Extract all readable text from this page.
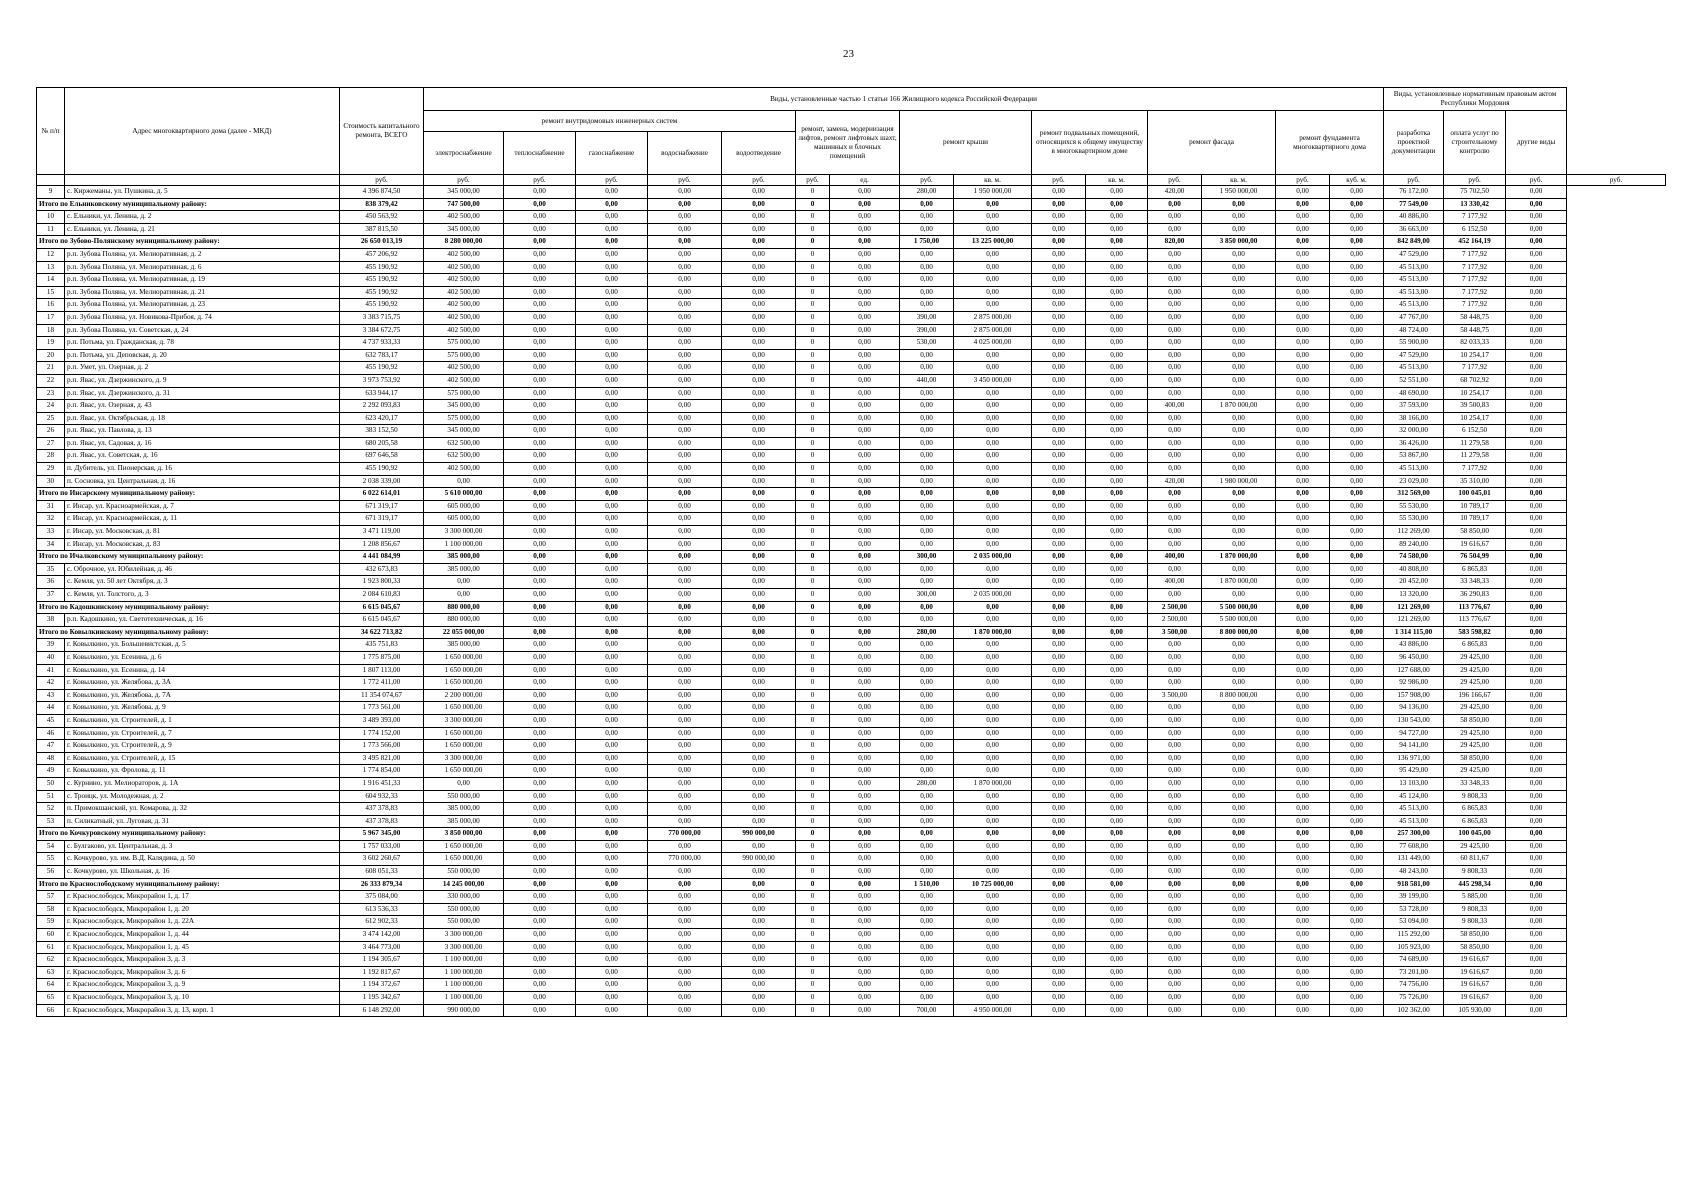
23
№ п/п	Адрес многоквартирного дома (далее - МКД)	Стоимость капитального ремонта, ВСЕГО	Виды, установленные частью 1 статьи 166 Жилищного кодекса Российской Федерации															Виды, установленные нормативным правовым актом Республики Мордовия			
			ремонт внутридомовых инженерных систем					ремонт, замена, модернизация лифтов, ремонт лифтовых шахт, машинных и блочных помещений		ремонт крыши		ремонт подвальных помещений, относящихся к общему имуществу в многоквартирном доме		ремонт фасада		ремонт фундамента многоквартирного дома		разработка проектной документации	оплата услуг по строительному контролю	другие виды	
			электроснабжение	теплоснабжение	газоснабжение	водоснабжение	водоотведение														
		руб.	руб.	руб.	руб.	руб.	руб.	руб.	ед.	руб.	кв. м.	руб.	кв. м.	руб.	кв. м.	руб.	куб. м.	руб.	руб.	руб.	руб.
9	с. Киржеманы, ул. Пушкина, д. 5	4 396 874,50	345 000,00	0,00	0,00	0,00	0,00	0	0,00	280,00	1 950 000,00	0,00	0,00	420,00	1 950 000,00	0,00	0,00	76 172,00	75 702,50	0,00	
Итого по Ельниковскому муниципальному району:		838 379,42	747 500,00	0,00	0,00	0,00	0,00	0	0,00	0,00	0,00	0,00	0,00	0,00	0,00	0,00	0,00	77 549,00	13 330,42	0,00	
10	с. Ельники, ул. Ленина, д. 2	450 563,92	402 500,00	0,00	0,00	0,00	0,00	0	0,00	0,00	0,00	0,00	0,00	0,00	0,00	0,00	0,00	40 886,00	7 177,92	0,00	
11	с. Ельники, ул. Ленина, д. 21	387 815,50	345 000,00	0,00	0,00	0,00	0,00	0	0,00	0,00	0,00	0,00	0,00	0,00	0,00	0,00	0,00	36 663,00	6 152,50	0,00	
Итого по Зубово-Полянскому муниципальному району:		26 650 013,19	8 280 000,00	0,00	0,00	0,00	0,00	0	0,00	1 750,00	13 225 000,00	0,00	0,00	820,00	3 850 000,00	0,00	0,00	842 849,00	452 164,19	0,00	
12	р.п. Зубова Поляна, ул. Мелиоративная, д. 2	457 206,92	402 500,00	0,00	0,00	0,00	0,00	0	0,00	0,00	0,00	0,00	0,00	0,00	0,00	0,00	0,00	47 529,00	7 177,92	0,00	
13	р.п. Зубова Поляна, ул. Мелиоративная, д. 6	455 190,92	402 500,00	0,00	0,00	0,00	0,00	0	0,00	0,00	0,00	0,00	0,00	0,00	0,00	0,00	0,00	45 513,00	7 177,92	0,00	
14	р.п. Зубова Поляна, ул. Мелиоративная, д. 19	455 190,92	402 500,00	0,00	0,00	0,00	0,00	0	0,00	0,00	0,00	0,00	0,00	0,00	0,00	0,00	0,00	45 513,00	7 177,92	0,00	
15	р.п. Зубова Поляна, ул. Мелиоративная, д. 21	455 190,92	402 500,00	0,00	0,00	0,00	0,00	0	0,00	0,00	0,00	0,00	0,00	0,00	0,00	0,00	0,00	45 513,00	7 177,92	0,00	
16	р.п. Зубова Поляна, ул. Мелиоративная, д. 23	455 190,92	402 500,00	0,00	0,00	0,00	0,00	0	0,00	0,00	0,00	0,00	0,00	0,00	0,00	0,00	0,00	45 513,00	7 177,92	0,00	
17	р.п. Зубова Поляна, ул. Новикова-Прибоя, д. 74	3 383 715,75	402 500,00	0,00	0,00	0,00	0,00	0	0,00	390,00	2 875 000,00	0,00	0,00	0,00	0,00	0,00	0,00	47 767,00	58 448,75	0,00	
18	р.п. Зубова Поляна, ул. Советская, д. 24	3 384 672,75	402 500,00	0,00	0,00	0,00	0,00	0	0,00	390,00	2 875 000,00	0,00	0,00	0,00	0,00	0,00	0,00	48 724,00	58 448,75	0,00	
19	р.п. Потьма, ул. Гражданская, д. 78	4 737 933,33	575 000,00	0,00	0,00	0,00	0,00	0	0,00	530,00	4 025 000,00	0,00	0,00	0,00	0,00	0,00	0,00	55 900,00	82 033,33	0,00	
20	р.п. Потьма, ул. Деповская, д. 20	632 783,17	575 000,00	0,00	0,00	0,00	0,00	0	0,00	0,00	0,00	0,00	0,00	0,00	0,00	0,00	0,00	47 529,00	10 254,17	0,00	
21	р.п. Умет, ул. Озерная, д. 2	455 190,92	402 500,00	0,00	0,00	0,00	0,00	0	0,00	0,00	0,00	0,00	0,00	0,00	0,00	0,00	0,00	45 513,00	7 177,92	0,00	
22	р.п. Явас, ул. Дзержинского, д. 9	3 973 753,92	402 500,00	0,00	0,00	0,00	0,00	0	0,00	440,00	3 450 000,00	0,00	0,00	0,00	0,00	0,00	0,00	52 551,00	68 702,92	0,00	
23	р.п. Явас, ул. Дзержинского, д. 31	633 944,17	575 000,00	0,00	0,00	0,00	0,00	0	0,00	0,00	0,00	0,00	0,00	0,00	0,00	0,00	0,00	48 690,00	10 254,17	0,00	
24	р.п. Явас, ул. Озерная, д. 43	2 292 093,83	345 000,00	0,00	0,00	0,00	0,00	0	0,00	0,00	0,00	0,00	0,00	400,00	1 870 000,00	0,00	0,00	37 593,00	39 500,83	0,00	
25	р.п. Явас, ул. Октябрьская, д. 18	623 420,17	575 000,00	0,00	0,00	0,00	0,00	0	0,00	0,00	0,00	0,00	0,00	0,00	0,00	0,00	0,00	38 166,00	10 254,17	0,00	
26	р.п. Явас, ул. Павлова, д. 13	383 152,50	345 000,00	0,00	0,00	0,00	0,00	0	0,00	0,00	0,00	0,00	0,00	0,00	0,00	0,00	0,00	32 000,00	6 152,50	0,00	
27	р.п. Явас, ул. Садовая, д. 16	680 205,58	632 500,00	0,00	0,00	0,00	0,00	0	0,00	0,00	0,00	0,00	0,00	0,00	0,00	0,00	0,00	36 426,00	11 279,58	0,00	
28	р.п. Явас, ул. Советская, д. 16	697 646,58	632 500,00	0,00	0,00	0,00	0,00	0	0,00	0,00	0,00	0,00	0,00	0,00	0,00	0,00	0,00	53 867,00	11 279,58	0,00	
29	п. Дубитель, ул. Пионерская, д. 16	455 190,92	402 500,00	0,00	0,00	0,00	0,00	0	0,00	0,00	0,00	0,00	0,00	0,00	0,00	0,00	0,00	45 513,00	7 177,92	0,00	
30	п. Сосновка, ул. Центральная, д. 16	2 038 339,00	0,00	0,00	0,00	0,00	0,00	0	0,00	0,00	0,00	0,00	0,00	420,00	1 980 000,00	0,00	0,00	23 029,00	35 310,00	0,00	
Итого по Инсарскому муниципальному району:		6 022 614,01	5 610 000,00	0,00	0,00	0,00	0,00	0	0,00	0,00	0,00	0,00	0,00	0,00	0,00	0,00	0,00	312 569,00	100 045,01	0,00	
31	г. Инсар, ул. Красноармейская, д. 7	671 319,17	605 000,00	0,00	0,00	0,00	0,00	0	0,00	0,00	0,00	0,00	0,00	0,00	0,00	0,00	0,00	55 530,00	10 789,17	0,00	
32	г. Инсар, ул. Красноармейская, д. 11	671 319,17	605 000,00	0,00	0,00	0,00	0,00	0	0,00	0,00	0,00	0,00	0,00	0,00	0,00	0,00	0,00	55 530,00	10 789,17	0,00	
33	г. Инсар, ул. Московская, д. 81	3 471 119,00	3 300 000,00	0,00	0,00	0,00	0,00	0	0,00	0,00	0,00	0,00	0,00	0,00	0,00	0,00	0,00	112 269,00	58 850,00	0,00	
34	г. Инсар, ул. Московская, д. 83	1 208 856,67	1 100 000,00	0,00	0,00	0,00	0,00	0	0,00	0,00	0,00	0,00	0,00	0,00	0,00	0,00	0,00	89 240,00	19 616,67	0,00	
Итого по Ичалковскому муниципальному району:		4 441 084,99	385 000,00	0,00	0,00	0,00	0,00	0	0,00	300,00	2 035 000,00	0,00	0,00	400,00	1 870 000,00	0,00	0,00	74 580,00	76 504,99	0,00	
35	с. Оброчное, ул. Юбилейная, д. 46	432 673,83	385 000,00	0,00	0,00	0,00	0,00	0	0,00	0,00	0,00	0,00	0,00	0,00	0,00	0,00	0,00	40 808,00	6 865,83	0,00	
36	с. Кемля, ул. 50 лет Октября, д. 3	1 923 800,33	0,00	0,00	0,00	0,00	0,00	0	0,00	0,00	0,00	0,00	0,00	400,00	1 870 000,00	0,00	0,00	20 452,00	33 348,33	0,00	
37	с. Кемля, ул. Толстого, д. 3	2 084 610,83	0,00	0,00	0,00	0,00	0,00	0	0,00	300,00	2 035 000,00	0,00	0,00	0,00	0,00	0,00	0,00	13 320,00	36 290,83	0,00	
Итого по Кадошкинскому муниципальному району:		6 615 045,67	880 000,00	0,00	0,00	0,00	0,00	0	0,00	0,00	0,00	0,00	0,00	2 500,00	5 500 000,00	0,00	0,00	121 269,00	113 776,67	0,00	
38	р.п. Кадошкино, ул. Светотехническая, д. 16	6 615 045,67	880 000,00	0,00	0,00	0,00	0,00	0	0,00	0,00	0,00	0,00	0,00	2 500,00	5 500 000,00	0,00	0,00	121 269,00	113 776,67	0,00	
Итого по Ковылкинскому муниципальному району:		34 622 713,82	22 055 000,00	0,00	0,00	0,00	0,00	0	0,00	280,00	1 870 000,00	0,00	0,00	3 500,00	8 800 000,00	0,00	0,00	1 314 115,00	583 598,82	0,00	
39	г. Ковылкино, ул. Большевистская, д. 5	435 751,83	385 000,00	0,00	0,00	0,00	0,00	0	0,00	0,00	0,00	0,00	0,00	0,00	0,00	0,00	0,00	43 886,00	6 865,83	0,00	
40	г. Ковылкино, ул. Есенина, д. 6	1 775 875,00	1 650 000,00	0,00	0,00	0,00	0,00	0	0,00	0,00	0,00	0,00	0,00	0,00	0,00	0,00	0,00	96 450,00	29 425,00	0,00	
41	г. Ковылкино, ул. Есенина, д. 14	1 807 113,00	1 650 000,00	0,00	0,00	0,00	0,00	0	0,00	0,00	0,00	0,00	0,00	0,00	0,00	0,00	0,00	127 688,00	29 425,00	0,00	
42	г. Ковылкино, ул. Желябова, д. 3А	1 772 411,00	1 650 000,00	0,00	0,00	0,00	0,00	0	0,00	0,00	0,00	0,00	0,00	0,00	0,00	0,00	0,00	92 986,00	29 425,00	0,00	
43	г. Ковылкино, ул. Желябова, д. 7А	11 354 074,67	2 200 000,00	0,00	0,00	0,00	0,00	0	0,00	0,00	0,00	0,00	0,00	3 500,00	8 800 000,00	0,00	0,00	157 908,00	196 166,67	0,00	
44	г. Ковылкино, ул. Желябова, д. 9	1 773 561,00	1 650 000,00	0,00	0,00	0,00	0,00	0	0,00	0,00	0,00	0,00	0,00	0,00	0,00	0,00	0,00	94 136,00	29 425,00	0,00	
45	г. Ковылкино, ул. Строителей, д. 1	3 489 393,00	3 300 000,00	0,00	0,00	0,00	0,00	0	0,00	0,00	0,00	0,00	0,00	0,00	0,00	0,00	0,00	130 543,00	58 850,00	0,00	
46	г. Ковылкино, ул. Строителей, д. 7	1 774 152,00	1 650 000,00	0,00	0,00	0,00	0,00	0	0,00	0,00	0,00	0,00	0,00	0,00	0,00	0,00	0,00	94 727,00	29 425,00	0,00	
47	г. Ковылкино, ул. Строителей, д. 9	1 773 566,00	1 650 000,00	0,00	0,00	0,00	0,00	0	0,00	0,00	0,00	0,00	0,00	0,00	0,00	0,00	0,00	94 141,00	29 425,00	0,00	
48	г. Ковылкино, ул. Строителей, д. 15	3 495 821,00	3 300 000,00	0,00	0,00	0,00	0,00	0	0,00	0,00	0,00	0,00	0,00	0,00	0,00	0,00	0,00	136 971,00	58 850,00	0,00	
49	г. Ковылкино, ул. Фролова, д. 11	1 774 854,00	1 650 000,00	0,00	0,00	0,00	0,00	0	0,00	0,00	0,00	0,00	0,00	0,00	0,00	0,00	0,00	95 429,00	29 425,00	0,00	
50	с. Курнино, ул. Мелиораторов, д. 1А	1 916 451,33	0,00	0,00	0,00	0,00	0,00	0	0,00	280,00	1 870 000,00	0,00	0,00	0,00	0,00	0,00	0,00	13 103,00	33 348,33	0,00	
51	с. Троицк, ул. Молодежная, д. 2	604 932,33	550 000,00	0,00	0,00	0,00	0,00	0	0,00	0,00	0,00	0,00	0,00	0,00	0,00	0,00	0,00	45 124,00	9 808,33	0,00	
52	п. Примокшанский, ул. Комарова, д. 32	437 378,83	385 000,00	0,00	0,00	0,00	0,00	0	0,00	0,00	0,00	0,00	0,00	0,00	0,00	0,00	0,00	45 513,00	6 865,83	0,00	
53	п. Силикатный, ул. Луговая, д. 31	437 378,83	385 000,00	0,00	0,00	0,00	0,00	0	0,00	0,00	0,00	0,00	0,00	0,00	0,00	0,00	0,00	45 513,00	6 865,83	0,00	
Итого по Кочкуровскому муниципальному району:		5 967 345,00	3 850 000,00	0,00	0,00	770 000,00	990 000,00	0	0,00	0,00	0,00	0,00	0,00	0,00	0,00	0,00	0,00	257 300,00	100 045,00	0,00	
54	с. Булгаково, ул. Центральная, д. 3	1 757 033,00	1 650 000,00	0,00	0,00	0,00	0,00	0	0,00	0,00	0,00	0,00	0,00	0,00	0,00	0,00	0,00	77 608,00	29 425,00	0,00	
55	с. Кочкурово, ул. им. В.Д. Калядина, д. 50	3 602 260,67	1 650 000,00	0,00	0,00	770 000,00	990 000,00	0	0,00	0,00	0,00	0,00	0,00	0,00	0,00	0,00	0,00	131 449,00	60 811,67	0,00	
56	с. Кочкурово, ул. Школьная, д. 16	608 051,33	550 000,00	0,00	0,00	0,00	0,00	0	0,00	0,00	0,00	0,00	0,00	0,00	0,00	0,00	0,00	48 243,00	9 808,33	0,00	
Итого по Краснослободскому муниципальному району:		26 333 879,34	14 245 000,00	0,00	0,00	0,00	0,00	0	0,00	1 510,00	10 725 000,00	0,00	0,00	0,00	0,00	0,00	0,00	918 581,00	445 298,34	0,00	
57	г. Краснослободск, Микрорайон 1, д. 17	375 084,00	330 000,00	0,00	0,00	0,00	0,00	0	0,00	0,00	0,00	0,00	0,00	0,00	0,00	0,00	0,00	39 199,00	5 885,00	0,00	
58	г. Краснослободск, Микрорайон 1, д. 20	613 536,33	550 000,00	0,00	0,00	0,00	0,00	0	0,00	0,00	0,00	0,00	0,00	0,00	0,00	0,00	0,00	53 728,00	9 808,33	0,00	
59	г. Краснослободск, Микрорайон 1, д. 22А	612 902,33	550 000,00	0,00	0,00	0,00	0,00	0	0,00	0,00	0,00	0,00	0,00	0,00	0,00	0,00	0,00	53 094,00	9 808,33	0,00	
60	г. Краснослободск, Микрорайон 1, д. 44	3 474 142,00	3 300 000,00	0,00	0,00	0,00	0,00	0	0,00	0,00	0,00	0,00	0,00	0,00	0,00	0,00	0,00	115 292,00	58 850,00	0,00	
61	г. Краснослободск, Микрорайон 1, д. 45	3 464 773,00	3 300 000,00	0,00	0,00	0,00	0,00	0	0,00	0,00	0,00	0,00	0,00	0,00	0,00	0,00	0,00	105 923,00	58 850,00	0,00	
62	г. Краснослободск, Микрорайон 3, д. 3	1 194 305,67	1 100 000,00	0,00	0,00	0,00	0,00	0	0,00	0,00	0,00	0,00	0,00	0,00	0,00	0,00	0,00	74 689,00	19 616,67	0,00	
63	г. Краснослободск, Микрорайон 3, д. 6	1 192 817,67	1 100 000,00	0,00	0,00	0,00	0,00	0	0,00	0,00	0,00	0,00	0,00	0,00	0,00	0,00	0,00	73 201,00	19 616,67	0,00	
64	г. Краснослободск, Микрорайон 3, д. 9	1 194 372,67	1 100 000,00	0,00	0,00	0,00	0,00	0	0,00	0,00	0,00	0,00	0,00	0,00	0,00	0,00	0,00	74 756,00	19 616,67	0,00	
65	г. Краснослободск, Микрорайон 3, д. 10	1 195 342,67	1 100 000,00	0,00	0,00	0,00	0,00	0	0,00	0,00	0,00	0,00	0,00	0,00	0,00	0,00	0,00	75 726,00	19 616,67	0,00	
66	г. Краснослободск, Микрорайон 3, д. 13, корп. 1	6 148 292,00	990 000,00	0,00	0,00	0,00	0,00	0	0,00	700,00	4 950 000,00	0,00	0,00	0,00	0,00	0,00	0,00	102 362,00	105 930,00	0,00	
